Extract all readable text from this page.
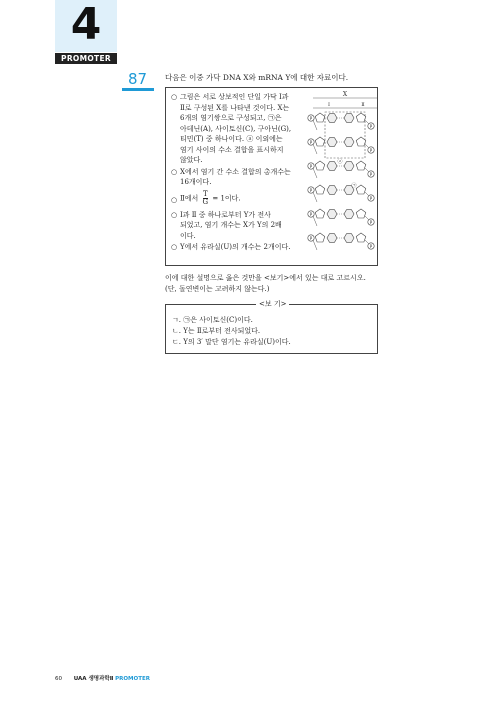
4
PROMOTER
87	다음은 이중 가닥 DNA X와 mRNA Y에 대한 자료이다.
○ 그림은 서로 상보적인 단일 가닥 Ⅰ과
Ⅱ로 구성된 X를 나타낸 것이다. X는
6개의 염기쌍으로 구성되고, ㉠은
아데닌(A), 사이토신(C), 구아닌(G),
티민(T) 중 하나이다. ⓐ 이외에는
염기 사이의 수소 결합을 표시하지
않았다.
○ X에서 염기 간 수소 결합의 총개수는
16개이다.
○ Ⅱ에서 $\frac{T}{G} = 1$이다.
○ Ⅰ과 Ⅱ 중 하나로부터 Y가 전사
되었고, 염기 개수는 X가 Y의 2배
이다.
○ Y에서 유라실(U)의 개수는 2개이다.
X
Ⅰ	Ⅱ
P
P
P
P
P
P
P
P
P
P
P
P
ⓐ
㉠
이에 대한 설명으로 옳은 것만을 <보기>에서 있는 대로 고르시오.
(단, 돌연변이는 고려하지 않는다.)
<보 기>
ㄱ. ㉠은 사이토신(C)이다.
ㄴ. Y는 Ⅱ로부터 전사되었다.
ㄷ. Y의 3′ 말단 염기는 유라실(U)이다.
60 UAA 생명과학Ⅱ PROMOTER
